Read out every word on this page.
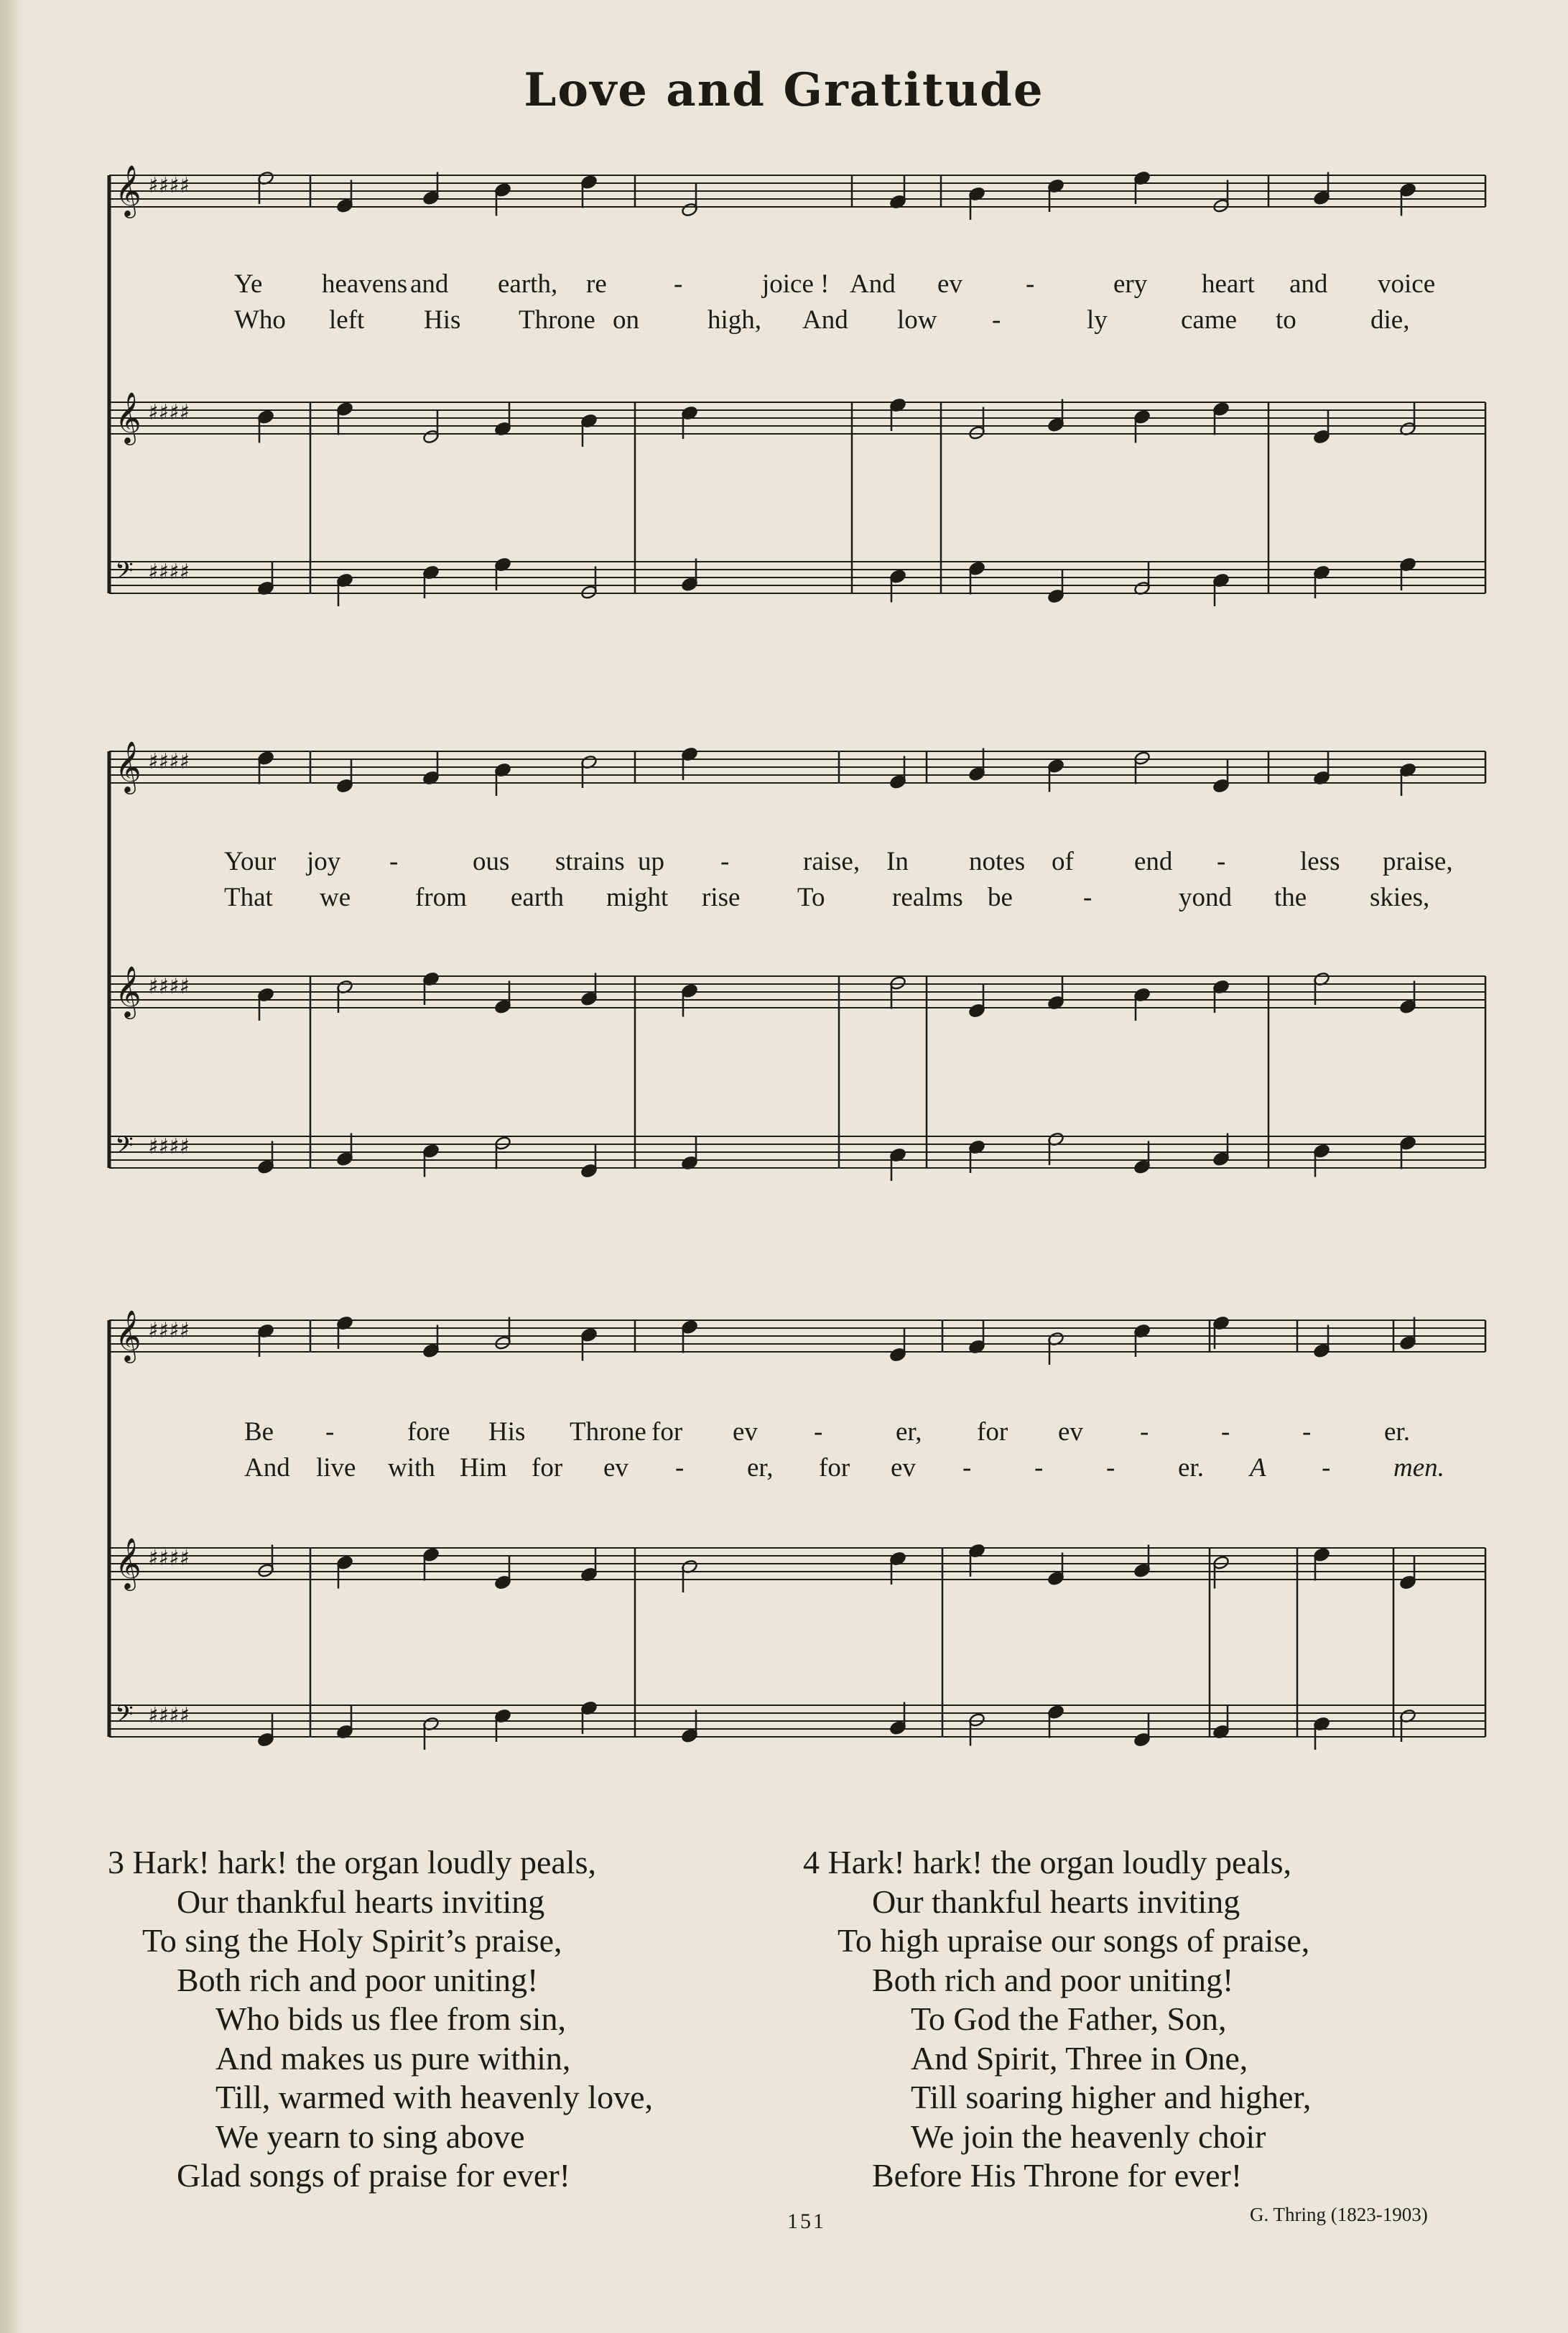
Love and Gratitude
𝄞 ♯♯♯♯
𝄞 ♯♯♯♯
𝄢 ♯♯♯♯
𝄞 ♯♯♯♯
𝄞 ♯♯♯♯
𝄢 ♯♯♯♯
𝄞 ♯♯♯♯
𝄞 ♯♯♯♯
𝄢 ♯♯♯♯
Ye heavens and earth, re	-	joice ! And ev -	ery heart and voice
Who left His Throne on	high, And low -	ly	came to	die,
Your joy -	ous strains up -	raise, In notes of end -	less praise,
That we from earth might rise To	realms be	-	yond the skies,
Be -	fore His Throne for ev -	er, for ev -	-	-	er.
And live with Him for ev - er, for ev - - - er. A - men.
3 Hark! hark! the organ loudly peals,
Our thankful hearts inviting
To sing the Holy Spirit’s praise,
Both rich and poor uniting!
Who bids us flee from sin,
And makes us pure within,
Till, warmed with heavenly love,
We yearn to sing above
Glad songs of praise for ever!
4 Hark! hark! the organ loudly peals,
Our thankful hearts inviting
To high upraise our songs of praise,
Both rich and poor uniting!
To God the Father, Son,
And Spirit, Three in One,
Till soaring higher and higher,
We join the heavenly choir
Before His Throne for ever!
151	G. Thring (1823-1903)
